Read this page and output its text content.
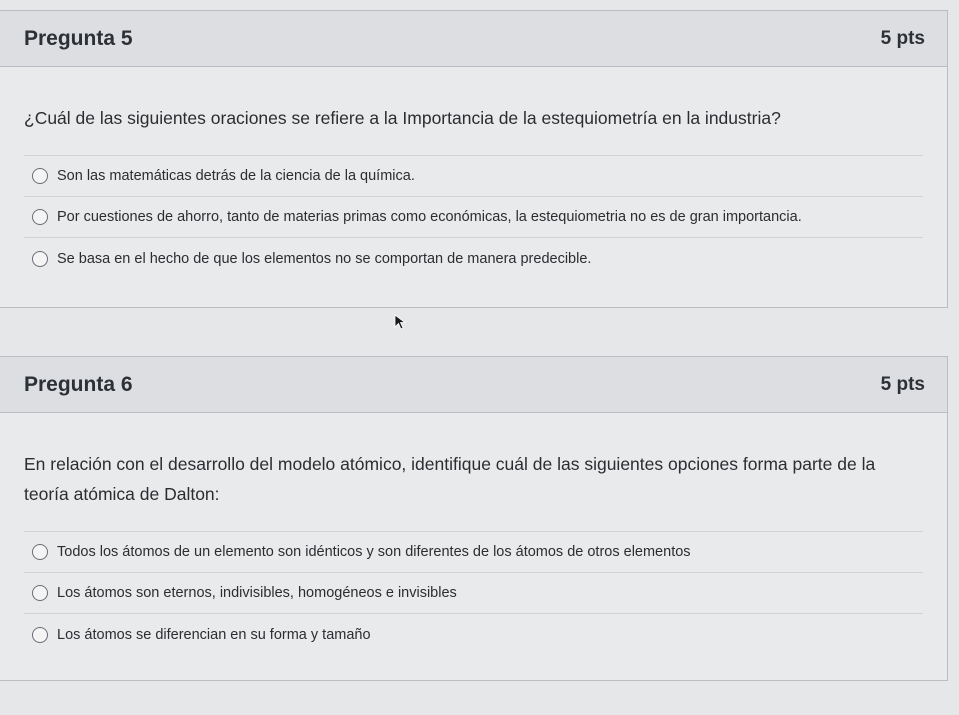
Pregunta 5	5 pts

¿Cuál de las siguientes oraciones se refiere a la Importancia de la estequiometría en la industria?

Son las matemáticas detrás de la ciencia de la química.
Por cuestiones de ahorro, tanto de materias primas como económicas, la estequiometria no es de gran importancia.
Se basa en el hecho de que los elementos no se comportan de manera predecible.
Pregunta 6	5 pts

En relación con el desarrollo del modelo atómico, identifique cuál de las siguientes opciones forma parte de la teoría atómica de Dalton:

Todos los átomos de un elemento son idénticos y son diferentes de los átomos de otros elementos
Los átomos son eternos, indivisibles, homogéneos e invisibles
Los átomos se diferencian en su forma y tamaño
